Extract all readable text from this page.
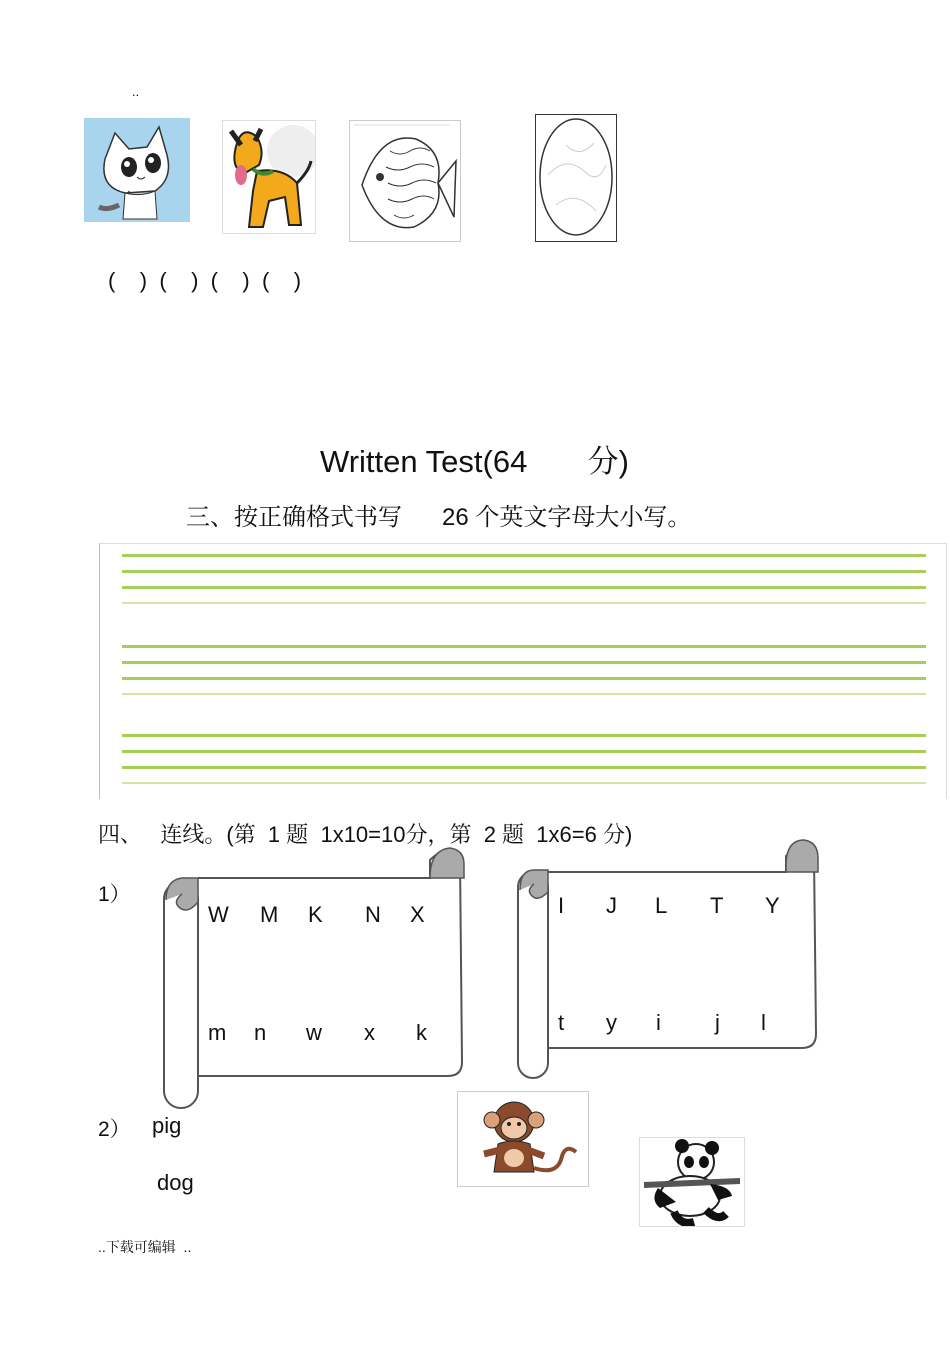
..
(    )  (    )  (    )  (    )
Written Test(64       分)
三、按正确格式书写      26 个英文字母大小写。
四、   连线。(第  1 题  1x10=10分，第  2 题  1x6=6 分)
1）
W M K N X
m n w x k
I J L T Y
t y i j l
2） pig
dog
..下载可编辑  ..
